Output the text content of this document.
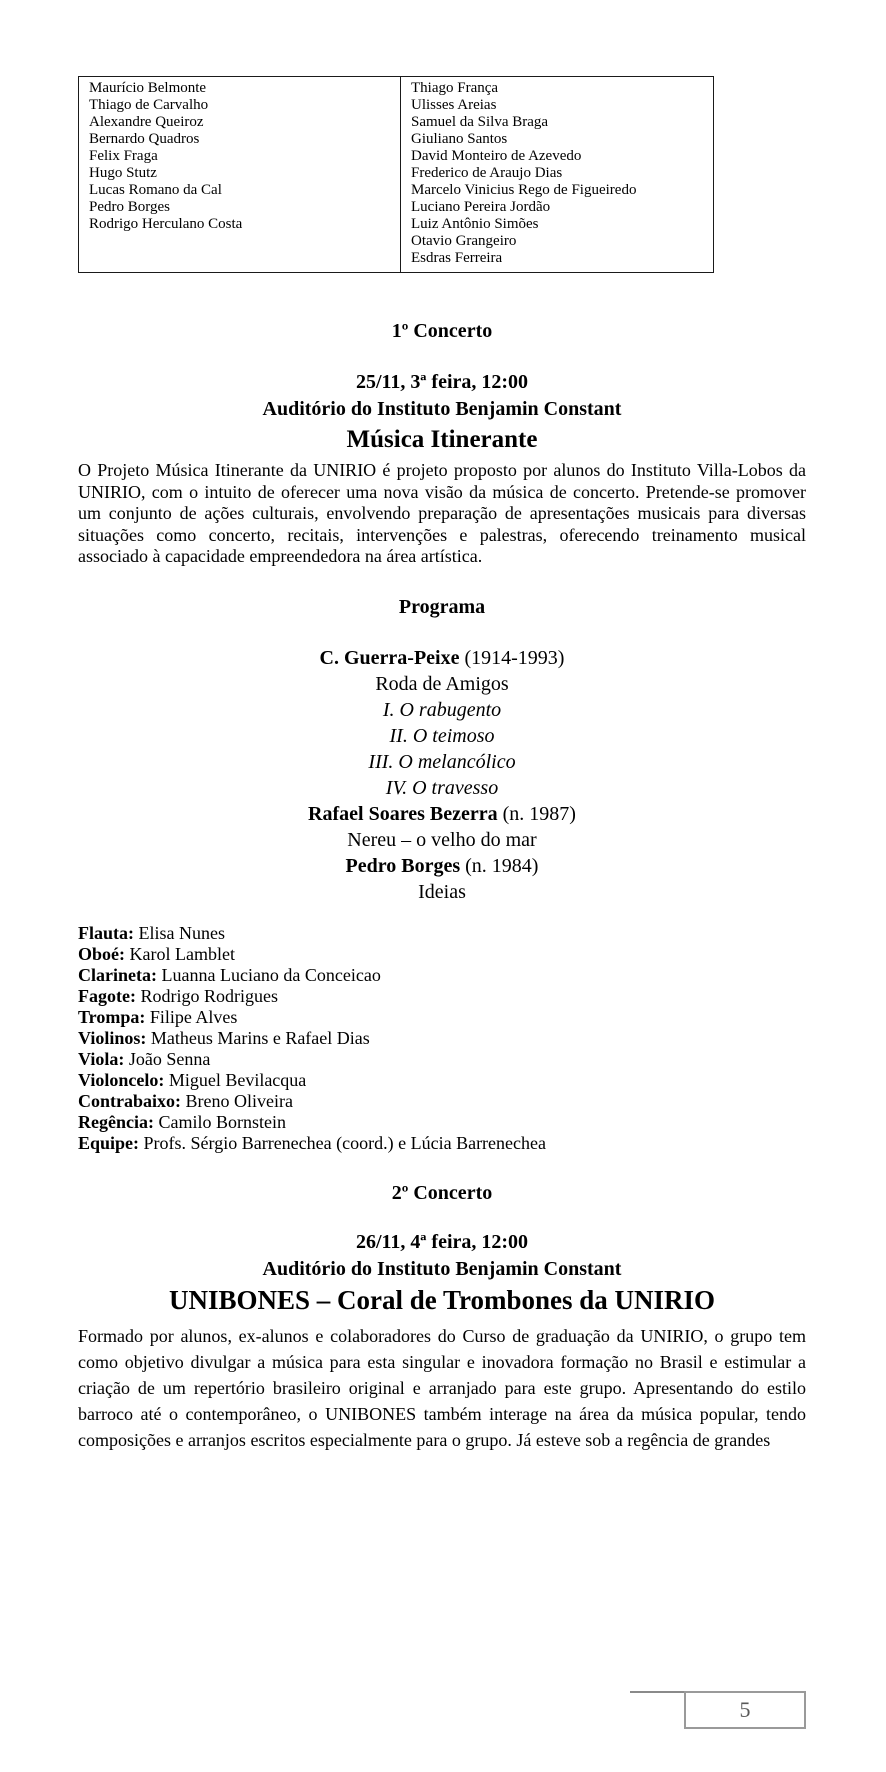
Maurício Belmonte
Thiago de Carvalho
Alexandre Queiroz
Bernardo Quadros
Felix Fraga
Hugo Stutz
Lucas Romano da Cal
Pedro Borges
Rodrigo Herculano Costa

Thiago França
Ulisses Areias
Samuel da Silva Braga
Giuliano Santos
David Monteiro de Azevedo
Frederico de Araujo Dias
Marcelo Vinicius Rego de Figueiredo
Luciano Pereira Jordão
Luiz Antônio Simões
Otavio Grangeiro
Esdras Ferreira
1º Concerto
25/11, 3ª feira, 12:00
Auditório do Instituto Benjamin Constant
Música Itinerante

O Projeto Música Itinerante da UNIRIO é projeto proposto por alunos do Instituto Villa-Lobos da UNIRIO, com o intuito de oferecer uma nova visão da música de concerto. Pretende-se promover um conjunto de ações culturais, envolvendo preparação de apresentações musicais para diversas situações como concerto, recitais, intervenções e palestras, oferecendo treinamento musical associado à capacidade empreendedora na área artística.

Programa
C. Guerra-Peixe (1914-1993)
Roda de Amigos
I. O rabugento
II. O teimoso
III. O melancólico
IV. O travesso
Rafael Soares Bezerra (n. 1987)
Nereu – o velho do mar
Pedro Borges (n. 1984)
Ideias
Flauta: Elisa Nunes
Oboé: Karol Lamblet
Clarineta: Luanna Luciano da Conceicao
Fagote: Rodrigo Rodrigues
Trompa: Filipe Alves
Violinos: Matheus Marins e Rafael Dias
Viola: João Senna
Violoncelo: Miguel Bevilacqua
Contrabaixo: Breno Oliveira
Regência: Camilo Bornstein
Equipe: Profs. Sérgio Barrenechea (coord.) e Lúcia Barrenechea
2º Concerto
26/11, 4ª feira, 12:00
Auditório do Instituto Benjamin Constant
UNIBONES – Coral de Trombones da UNIRIO

Formado por alunos, ex-alunos e colaboradores do Curso de graduação da UNIRIO, o grupo tem como objetivo divulgar a música para esta singular e inovadora formação no Brasil e estimular a criação de um repertório brasileiro original e arranjado para este grupo. Apresentando do estilo barroco até o contemporâneo, o UNIBONES também interage na área da música popular, tendo composições e arranjos escritos especialmente para o grupo. Já esteve sob a regência de grandes

5
